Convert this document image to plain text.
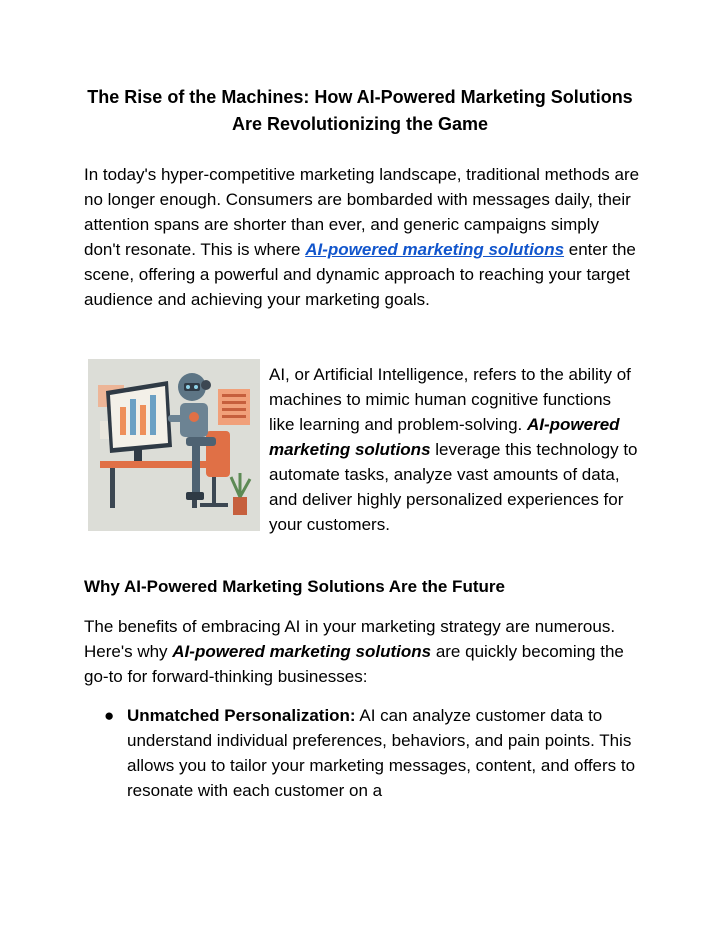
The Rise of the Machines: How AI-Powered Marketing Solutions Are Revolutionizing the Game

In today's hyper-competitive marketing landscape, traditional methods are no longer enough. Consumers are bombarded with messages daily, their attention spans are shorter than ever, and generic campaigns simply don't resonate. This is where AI-powered marketing solutions enter the scene, offering a powerful and dynamic approach to reaching your target audience and achieving your marketing goals.

AI, or Artificial Intelligence, refers to the ability of machines to mimic human cognitive functions like learning and problem-solving. AI-powered marketing solutions leverage this technology to automate tasks, analyze vast amounts of data, and deliver highly personalized experiences for your customers.

Why AI-Powered Marketing Solutions Are the Future

The benefits of embracing AI in your marketing strategy are numerous. Here's why AI-powered marketing solutions are quickly becoming the go-to for forward-thinking businesses:

● Unmatched Personalization: AI can analyze customer data to understand individual preferences, behaviors, and pain points. This allows you to tailor your marketing messages, content, and offers to resonate with each customer on a
